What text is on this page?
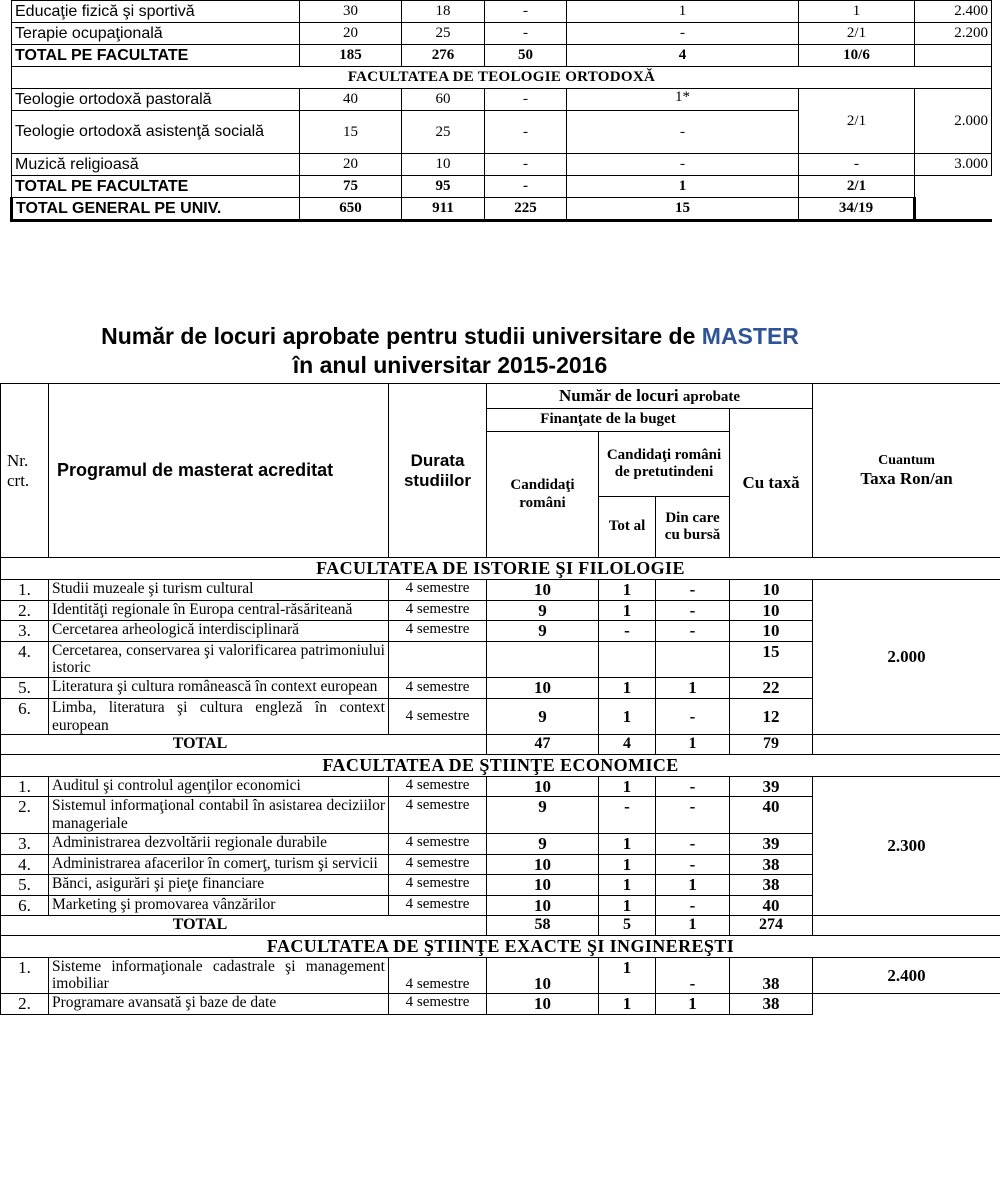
Educaţie fizică şi sportivă	30	18	-	1	1	2.400
Terapie ocupaţională	20	25	-	-	2/1	2.200
TOTAL PE FACULTATE	185	276	50	4	10/6	
FACULTATEA DE TEOLOGIE ORTODOXĂ						
Teologie ortodoxă pastorală	40	60	-	1*	2/1	2.000
Teologie ortodoxă asistenţă socială	15	25	-	-		
Muzică religioasă	20	10	-	-	-	3.000
TOTAL PE FACULTATE	75	95	-	1	2/1	
TOTAL GENERAL PE UNIV.	650	911	225	15	34/19	
Număr de locuri aprobate pentru studii universitare de MASTER
în anul universitar 2015-2016
Nr. crt.	Programul de masterat acreditat	Durata studiilor	Număr de locuri aprobate				Cuantum
Taxa Ron/an

			Finanţate de la buget			Cu taxă	
			Candidaţi români	Candidaţi români de pretutindeni			
				Tot al	Din care cu bursă		
FACULTATEA DE ISTORIE ŞI FILOLOGIE							
1.	Studii muzeale şi turism cultural	4 semestre	10	1	-	10	2.000
2.	Identităţi regionale în Europa central-răsăriteană	4 semestre	9	1	-	10	
3.	Cercetarea arheologică interdisciplinară	4 semestre	9	-	-	10	
4.	Cercetarea, conservarea şi valorificarea patrimoniului istoric					15	
5.	Literatura şi cultura românească în context european	4 semestre	10	1	1	22	
6.	Limba, literatura şi cultura engleză în context european	4 semestre	9	1	-	12	
TOTAL			47	4	1	79	
FACULTATEA DE ŞTIINŢE ECONOMICE							
1.	Auditul şi controlul agenţilor economici	4 semestre	10	1	-	39	2.300
2.	Sistemul informaţional contabil în asistarea deciziilor manageriale	4 semestre	9	-	-	40	
3.	Administrarea dezvoltării regionale durabile	4 semestre	9	1	-	39	
4.	Administrarea afacerilor în comerţ, turism şi servicii	4 semestre	10	1	-	38	
5.	Bănci, asigurări şi pieţe financiare	4 semestre	10	1	1	38	
6.	Marketing şi promovarea vânzărilor	4 semestre	10	1	-	40	
TOTAL			58	5	1	274	
FACULTATEA DE ŞTIINŢE EXACTE ŞI INGINEREŞTI							
1.	Sisteme informaţionale cadastrale şi management imobiliar	4 semestre	10	1	-	38	2.400
2.	Programare avansată şi baze de date	4 semestre	10	1	1	38	
